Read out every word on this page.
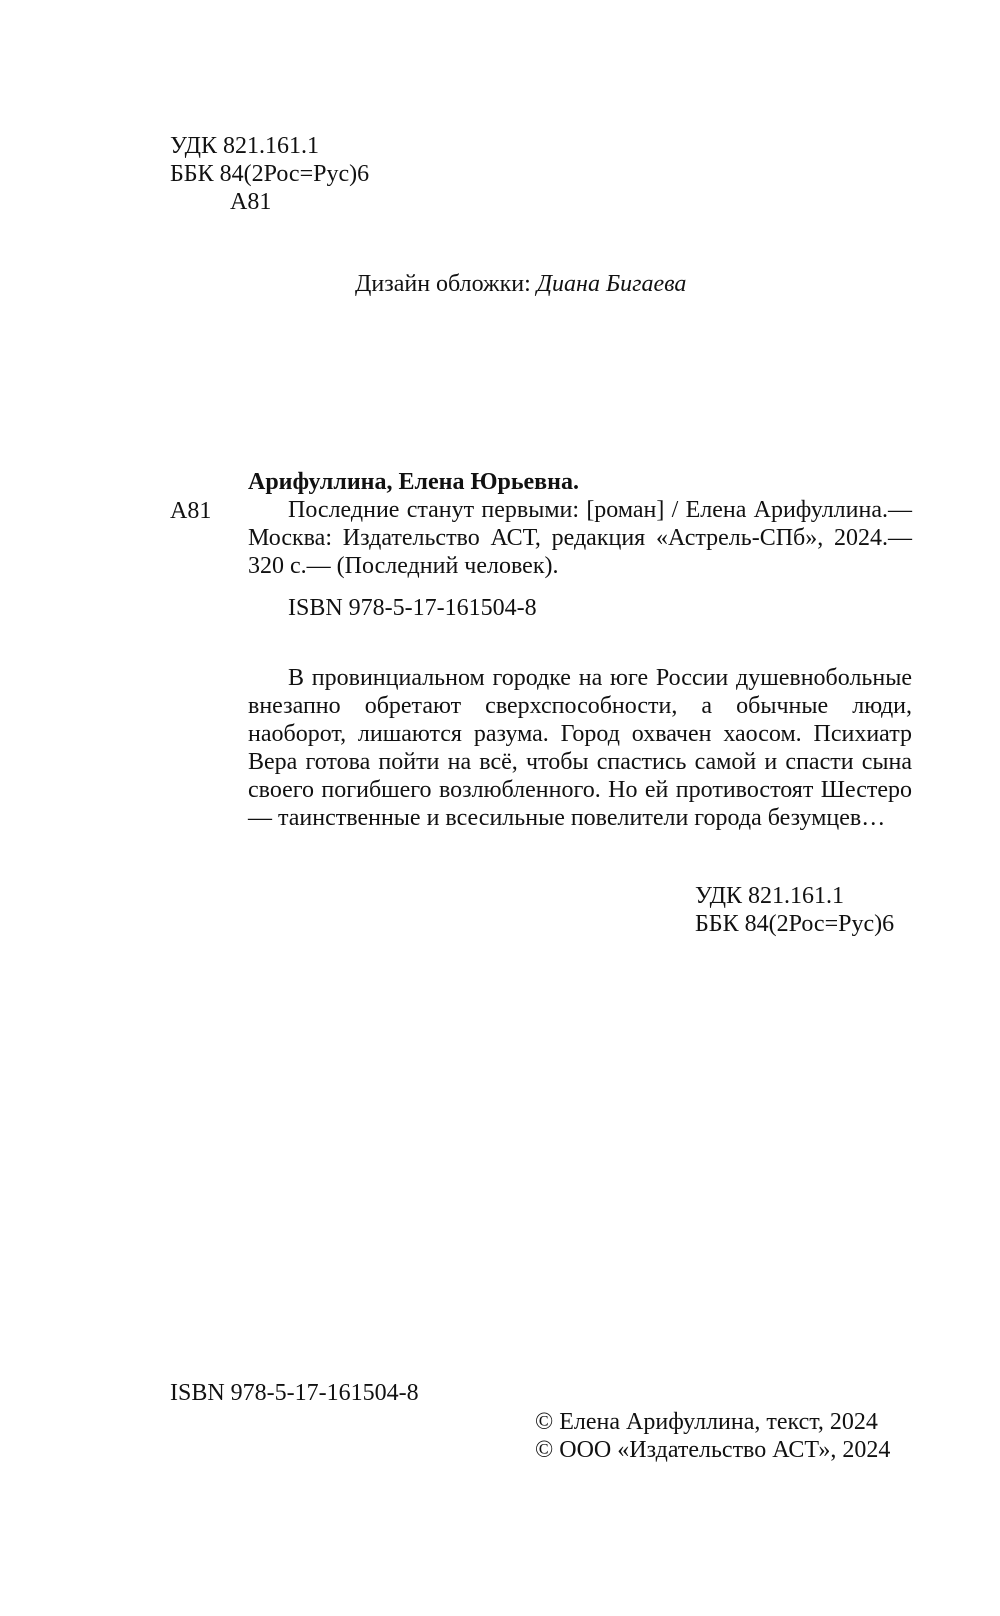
УДК 821.161.1
ББК 84(2Рос=Рус)6
А81

Дизайн обложки: Диана Бигаева

А81
Арифуллина, Елена Юрьевна.
Последние станут первыми: [роман] / Елена Арифуллина.— Москва: Издательство АСТ, редакция «Астрель-СПб», 2024.— 320 с.— (Последний человек).
ISBN 978-5-17-161504-8

В провинциальном городке на юге России душевнобольные внезапно обретают сверхспособности, а обычные люди, наоборот, лишаются разума. Город охвачен хаосом. Психиатр Вера готова пойти на всё, чтобы спастись самой и спасти сына своего погибшего возлюбленного. Но ей противостоят Шестеро — таинственные и всесильные повелители города безумцев…

УДК 821.161.1
ББК 84(2Рос=Рус)6
ISBN 978-5-17-161504-8
© Елена Арифуллина, текст, 2024
© ООО «Издательство АСТ», 2024
